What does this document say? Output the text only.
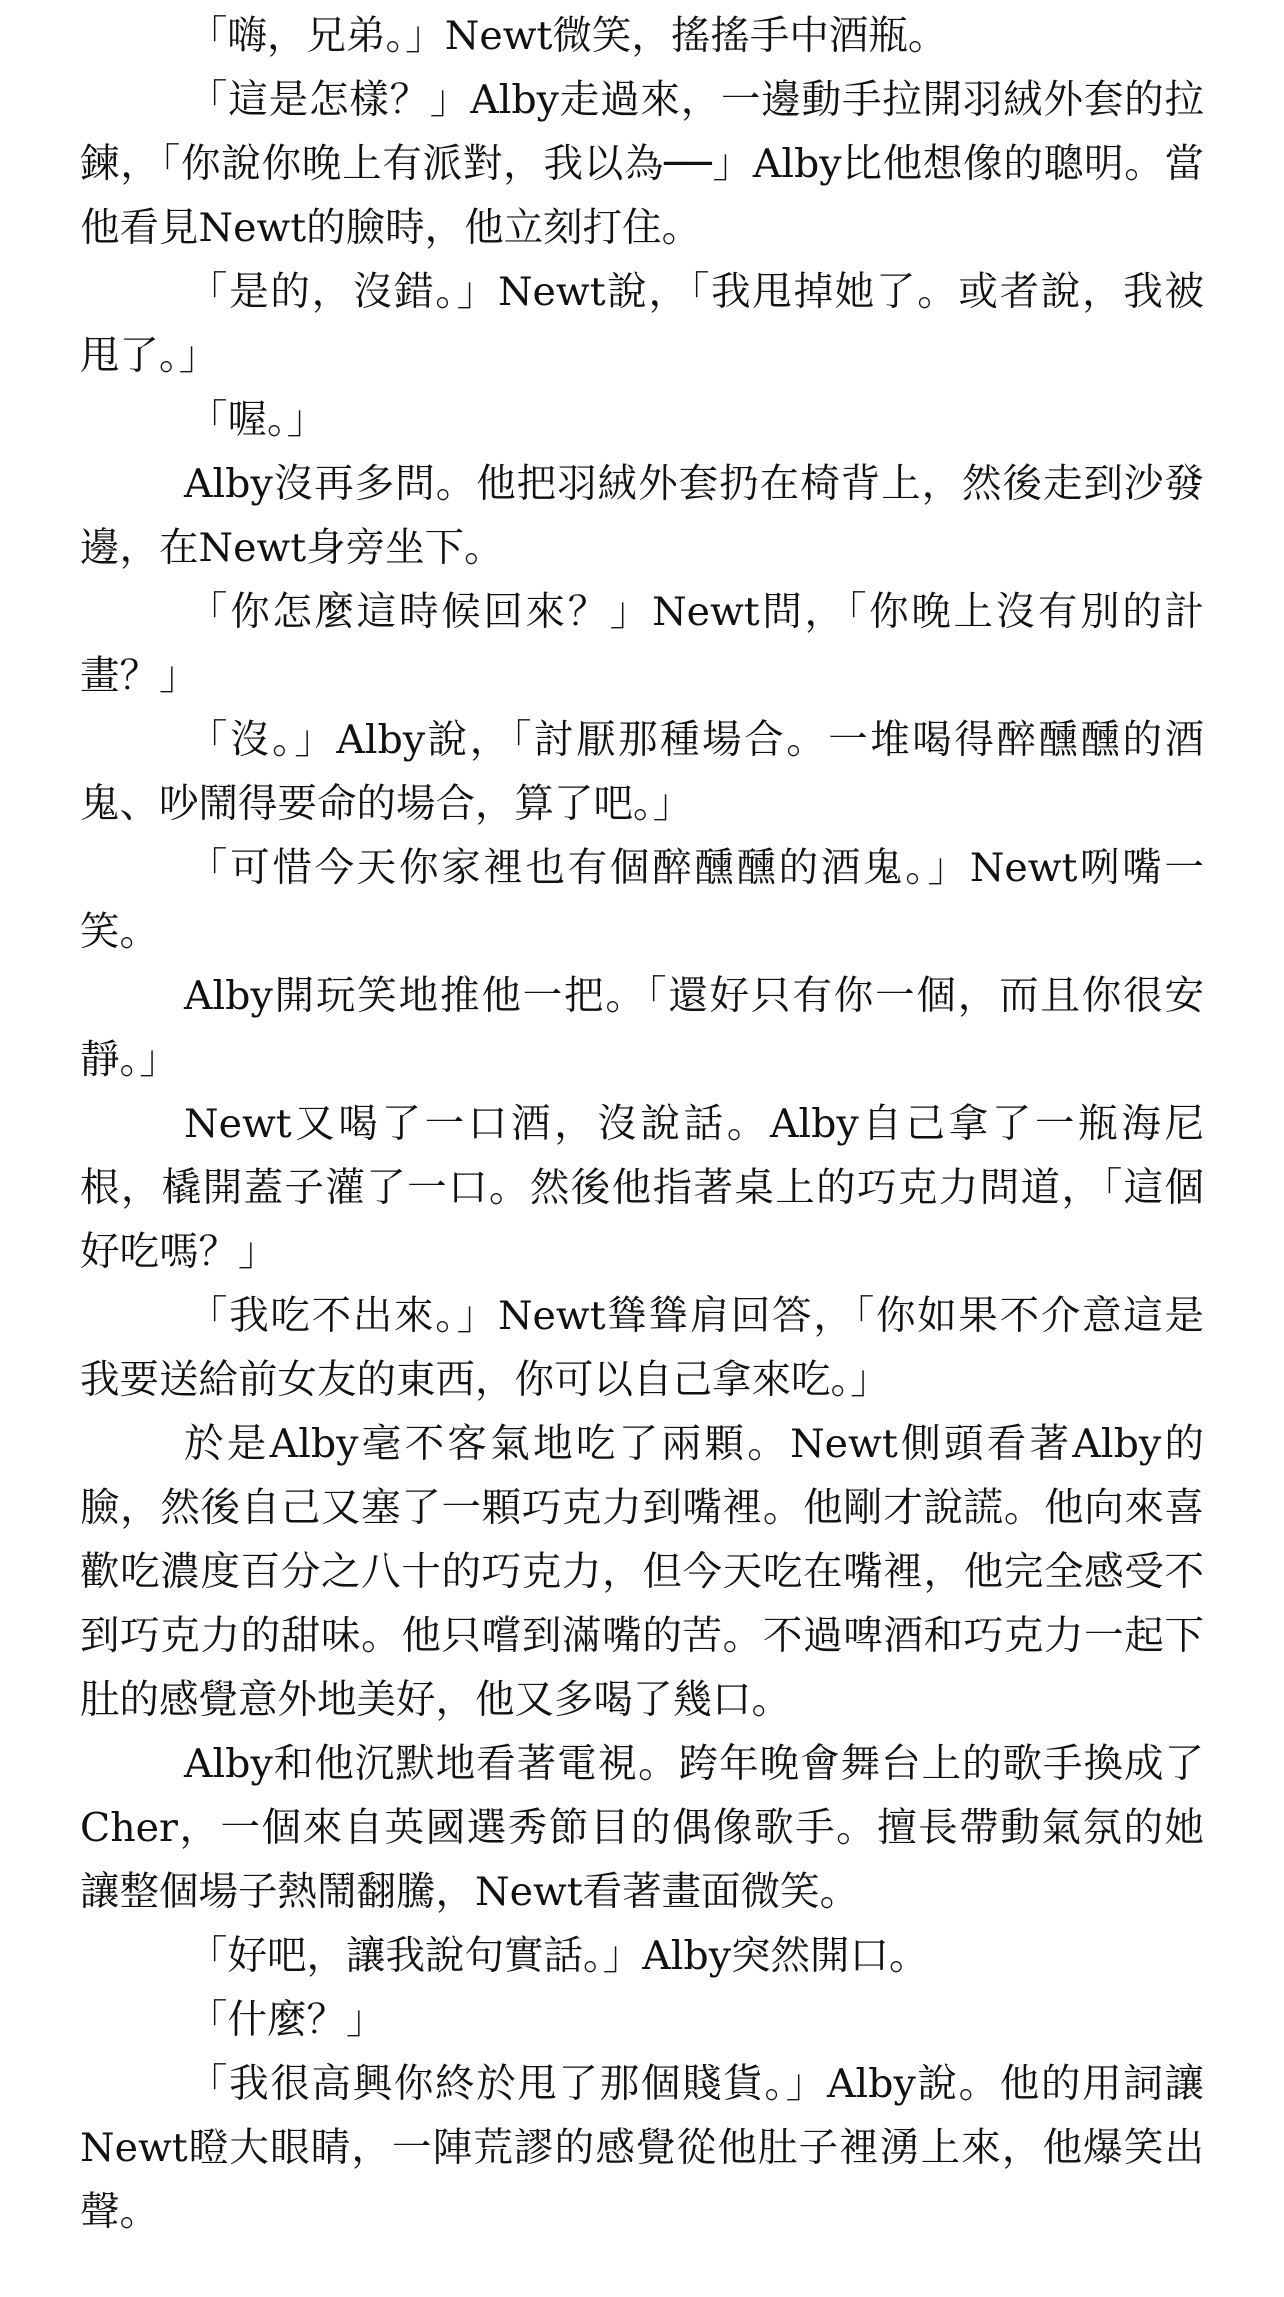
「嗨，兄弟。」Newt微笑，搖搖手中酒瓶。

「這是怎樣？」Alby走過來，一邊動手拉開羽絨外套的拉鍊，「你說你晚上有派對，我以為──」Alby比他想像的聰明。當他看見Newt的臉時，他立刻打住。

「是的，沒錯。」Newt說，「我甩掉她了。或者說，我被甩了。」

「喔。」

Alby沒再多問。他把羽絨外套扔在椅背上，然後走到沙發邊，在Newt身旁坐下。

「你怎麼這時候回來？」Newt問，「你晚上沒有別的計畫？」

「沒。」Alby說，「討厭那種場合。一堆喝得醉醺醺的酒鬼、吵鬧得要命的場合，算了吧。」

「可惜今天你家裡也有個醉醺醺的酒鬼。」Newt咧嘴一笑。

Alby開玩笑地推他一把。「還好只有你一個，而且你很安靜。」

Newt又喝了一口酒，沒說話。Alby自己拿了一瓶海尼根，橇開蓋子灌了一口。然後他指著桌上的巧克力問道，「這個好吃嗎？」

「我吃不出來。」Newt聳聳肩回答，「你如果不介意這是我要送給前女友的東西，你可以自己拿來吃。」

於是Alby毫不客氣地吃了兩顆。Newt側頭看著Alby的臉，然後自己又塞了一顆巧克力到嘴裡。他剛才說謊。他向來喜歡吃濃度百分之八十的巧克力，但今天吃在嘴裡，他完全感受不到巧克力的甜味。他只嚐到滿嘴的苦。不過啤酒和巧克力一起下肚的感覺意外地美好，他又多喝了幾口。

Alby和他沉默地看著電視。跨年晚會舞台上的歌手換成了Cher，一個來自英國選秀節目的偶像歌手。擅長帶動氣氛的她讓整個場子熱鬧翻騰，Newt看著畫面微笑。

「好吧，讓我說句實話。」Alby突然開口。

「什麼？」

「我很高興你終於甩了那個賤貨。」Alby說。他的用詞讓Newt瞪大眼睛，一陣荒謬的感覺從他肚子裡湧上來，他爆笑出聲。
